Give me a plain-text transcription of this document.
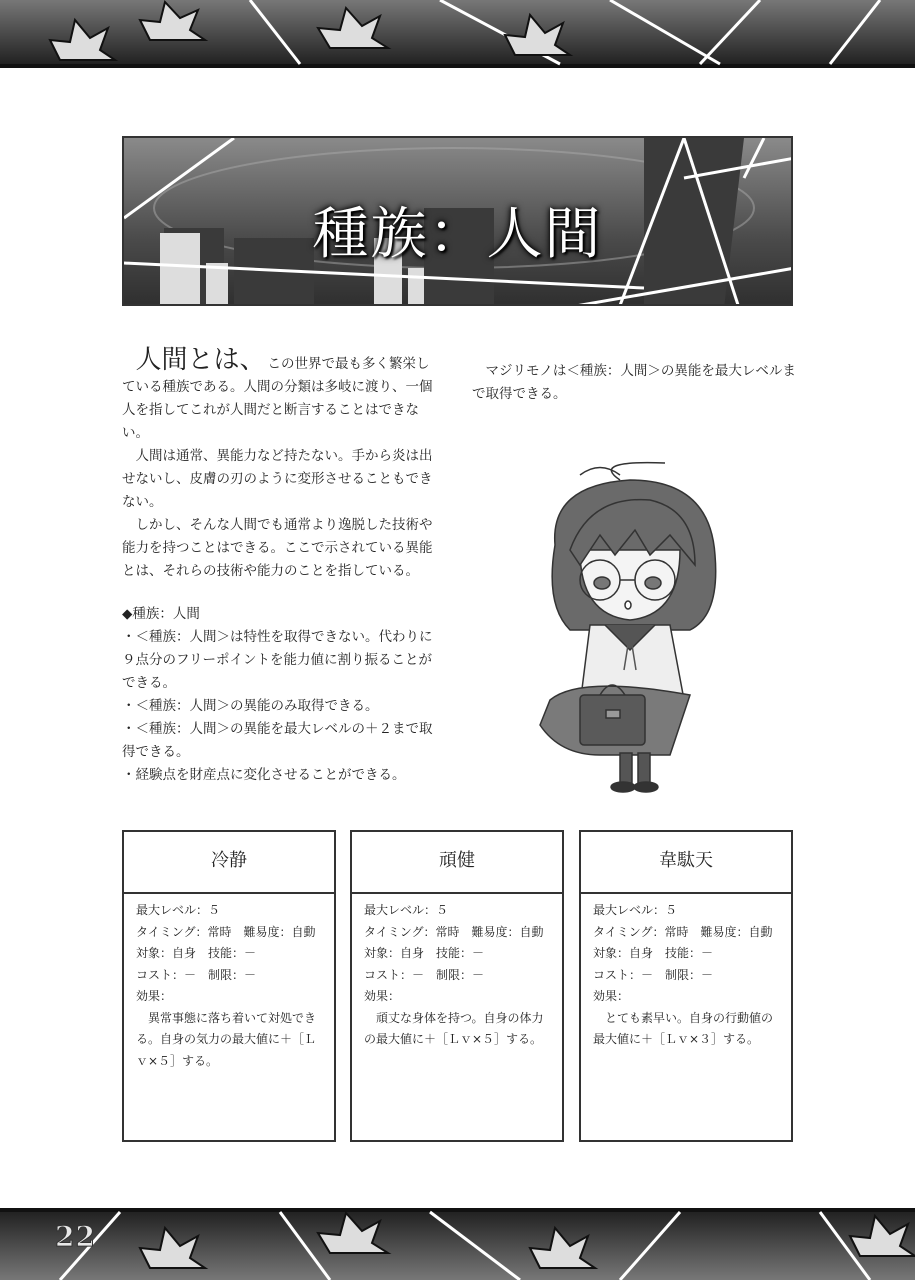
種族：人間

人間とは、 この世界で最も多く繁栄している種族である。人間の分類は多岐に渡り、一個人を指してこれが人間だと断言することはできない。

人間は通常、異能力など持たない。手から炎は出せないし、皮膚の刃のように変形させることもできない。

しかし、そんな人間でも通常より逸脱した技術や能力を持つことはできる。ここで示されている異能とは、それらの技術や能力のことを指している。

◆種族：人間

・＜種族：人間＞は特性を取得できない。代わりに９点分のフリーポイントを能力値に割り振ることができる。

・＜種族：人間＞の異能のみ取得できる。

・＜種族：人間＞の異能を最大レベルの＋２まで取得できる。

・経験点を財産点に変化させることができる。

マジリモノは＜種族：人間＞の異能を最大レベルまで取得できる。

冷静

最大レベル：５

タイミング：常時　難易度：自動

対象：自身　技能：－

コスト：－　制限：－

効果：

異常事態に落ち着いて対処できる。自身の気力の最大値に＋［Ｌｖ×５］する。

頑健

最大レベル：５

タイミング：常時　難易度：自動

対象：自身　技能：－

コスト：－　制限：－

効果：

頑丈な身体を持つ。自身の体力の最大値に＋［Ｌｖ×５］する。

韋駄天

最大レベル：５

タイミング：常時　難易度：自動

対象：自身　技能：－

コスト：－　制限：－

効果：

とても素早い。自身の行動値の最大値に＋［Ｌｖ×３］する。

22
